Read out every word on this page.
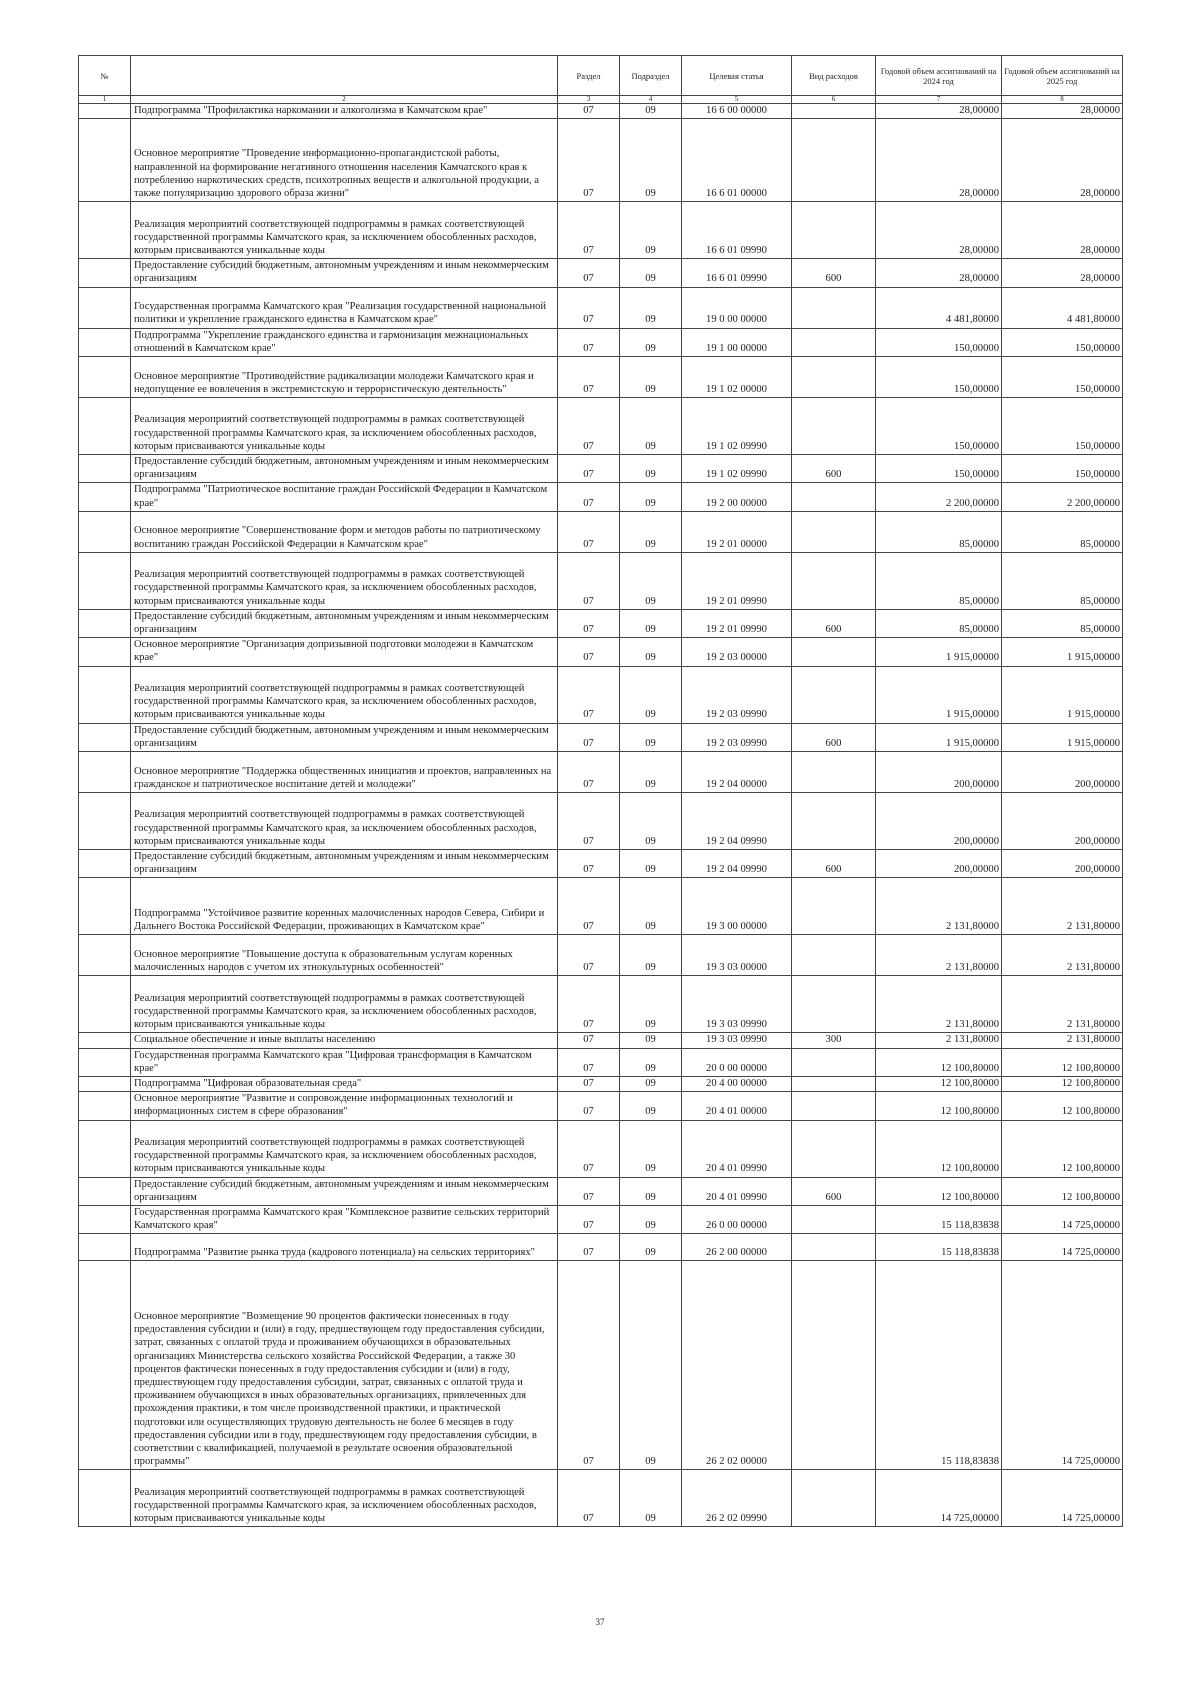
№		Раздел	Подраздел	Целевая статья	Вид расходов	Годовой объем ассигнований на 2024 год	Годовой объем ассигнований на 2025 год
1	2	3	4	5	6	7	8
	Подпрограмма "Профилактика наркомании и алкоголизма в Камчатском крае"	07	09	16 6 00 00000		28,00000	28,00000
	Основное мероприятие "Проведение информационно-пропагандистской работы, направленной на формирование негативного отношения населения Камчатского края к потреблению наркотических средств, психотропных веществ и алкогольной продукции, а также популяризацию здорового образа жизни"	07	09	16 6 01 00000		28,00000	28,00000
	Реализация мероприятий соответствующей подпрограммы в рамках соответствующей государственной программы Камчатского края, за исключением обособленных расходов, которым присваиваются уникальные коды	07	09	16 6 01 09990		28,00000	28,00000
	Предоставление субсидий бюджетным, автономным учреждениям и иным некоммерческим организациям	07	09	16 6 01 09990	600	28,00000	28,00000
	Государственная программа Камчатского края "Реализация государственной национальной политики и укрепление гражданского единства в Камчатском крае"	07	09	19 0 00 00000		4 481,80000	4 481,80000
	Подпрограмма "Укрепление гражданского единства и гармонизация межнациональных отношений в Камчатском крае"	07	09	19 1 00 00000		150,00000	150,00000
	Основное мероприятие "Противодействие радикализации молодежи Камчатского края и недопущение ее вовлечения в экстремистскую и террористическую деятельность"	07	09	19 1 02 00000		150,00000	150,00000
	Реализация мероприятий соответствующей подпрограммы в рамках соответствующей государственной программы Камчатского края, за исключением обособленных расходов, которым присваиваются уникальные коды	07	09	19 1 02 09990		150,00000	150,00000
	Предоставление субсидий бюджетным, автономным учреждениям и иным некоммерческим организациям	07	09	19 1 02 09990	600	150,00000	150,00000
	Подпрограмма "Патриотическое воспитание граждан Российской Федерации в Камчатском крае"	07	09	19 2 00 00000		2 200,00000	2 200,00000
	Основное мероприятие "Совершенствование форм и методов работы по патриотическому воспитанию граждан Российской Федерации в Камчатском крае"	07	09	19 2 01 00000		85,00000	85,00000
	Реализация мероприятий соответствующей подпрограммы в рамках соответствующей государственной программы Камчатского края, за исключением обособленных расходов, которым присваиваются уникальные коды	07	09	19 2 01 09990		85,00000	85,00000
	Предоставление субсидий бюджетным, автономным учреждениям и иным некоммерческим организациям	07	09	19 2 01 09990	600	85,00000	85,00000
	Основное мероприятие "Организация допризывной подготовки молодежи в Камчатском крае"	07	09	19 2 03 00000		1 915,00000	1 915,00000
	Реализация мероприятий соответствующей подпрограммы в рамках соответствующей государственной программы Камчатского края, за исключением обособленных расходов, которым присваиваются уникальные коды	07	09	19 2 03 09990		1 915,00000	1 915,00000
	Предоставление субсидий бюджетным, автономным учреждениям и иным некоммерческим организациям	07	09	19 2 03 09990	600	1 915,00000	1 915,00000
	Основное мероприятие "Поддержка общественных инициатив и проектов, направленных на гражданское и патриотическое воспитание детей и молодежи"	07	09	19 2 04 00000		200,00000	200,00000
	Реализация мероприятий соответствующей подпрограммы в рамках соответствующей государственной программы Камчатского края, за исключением обособленных расходов, которым присваиваются уникальные коды	07	09	19 2 04 09990		200,00000	200,00000
	Предоставление субсидий бюджетным, автономным учреждениям и иным некоммерческим организациям	07	09	19 2 04 09990	600	200,00000	200,00000
	Подпрограмма "Устойчивое развитие коренных малочисленных народов Севера, Сибири и Дальнего Востока Российской Федерации, проживающих в Камчатском крае"	07	09	19 3 00 00000		2 131,80000	2 131,80000
	Основное мероприятие "Повышение доступа к образовательным услугам коренных малочисленных народов с учетом их этнокультурных особенностей"	07	09	19 3 03 00000		2 131,80000	2 131,80000
	Реализация мероприятий соответствующей подпрограммы в рамках соответствующей государственной программы Камчатского края, за исключением обособленных расходов, которым присваиваются уникальные коды	07	09	19 3 03 09990		2 131,80000	2 131,80000
	Социальное обеспечение и иные выплаты населению	07	09	19 3 03 09990	300	2 131,80000	2 131,80000
	Государственная программа Камчатского края "Цифровая трансформация в Камчатском крае"	07	09	20 0 00 00000		12 100,80000	12 100,80000
	Подпрограмма "Цифровая образовательная среда"	07	09	20 4 00 00000		12 100,80000	12 100,80000
	Основное мероприятие "Развитие и сопровождение информационных технологий и информационных систем в сфере образования"	07	09	20 4 01 00000		12 100,80000	12 100,80000
	Реализация мероприятий соответствующей подпрограммы в рамках соответствующей государственной программы Камчатского края, за исключением обособленных расходов, которым присваиваются уникальные коды	07	09	20 4 01 09990		12 100,80000	12 100,80000
	Предоставление субсидий бюджетным, автономным учреждениям и иным некоммерческим организациям	07	09	20 4 01 09990	600	12 100,80000	12 100,80000
	Государственная программа Камчатского края "Комплексное развитие сельских территорий Камчатского края"	07	09	26 0 00 00000		15 118,83838	14 725,00000
	Подпрограмма "Развитие рынка труда (кадрового потенциала) на сельских территориях"	07	09	26 2 00 00000		15 118,83838	14 725,00000
	Основное мероприятие "Возмещение 90 процентов фактически понесенных в году предоставления субсидии и (или) в году, предшествующем году предоставления субсидии, затрат, связанных с оплатой труда и проживанием обучающихся в образовательных организациях Министерства сельского хозяйства Российской Федерации, а также 30 процентов фактически понесенных в году предоставления субсидии и (или) в году, предшествующем году предоставления субсидии, затрат, связанных с оплатой труда и проживанием обучающихся в иных образовательных организациях, привлеченных для прохождения практики, в том числе производственной практики, и практической подготовки или осуществляющих трудовую деятельность не более 6 месяцев в году предоставления субсидии или в году, предшествующем году предоставления субсидии, в соответствии с квалификацией, получаемой в результате освоения образовательной программы"	07	09	26 2 02 00000		15 118,83838	14 725,00000
	Реализация мероприятий соответствующей подпрограммы в рамках соответствующей государственной программы Камчатского края, за исключением обособленных расходов, которым присваиваются уникальные коды	07	09	26 2 02 09990		14 725,00000	14 725,00000
37
